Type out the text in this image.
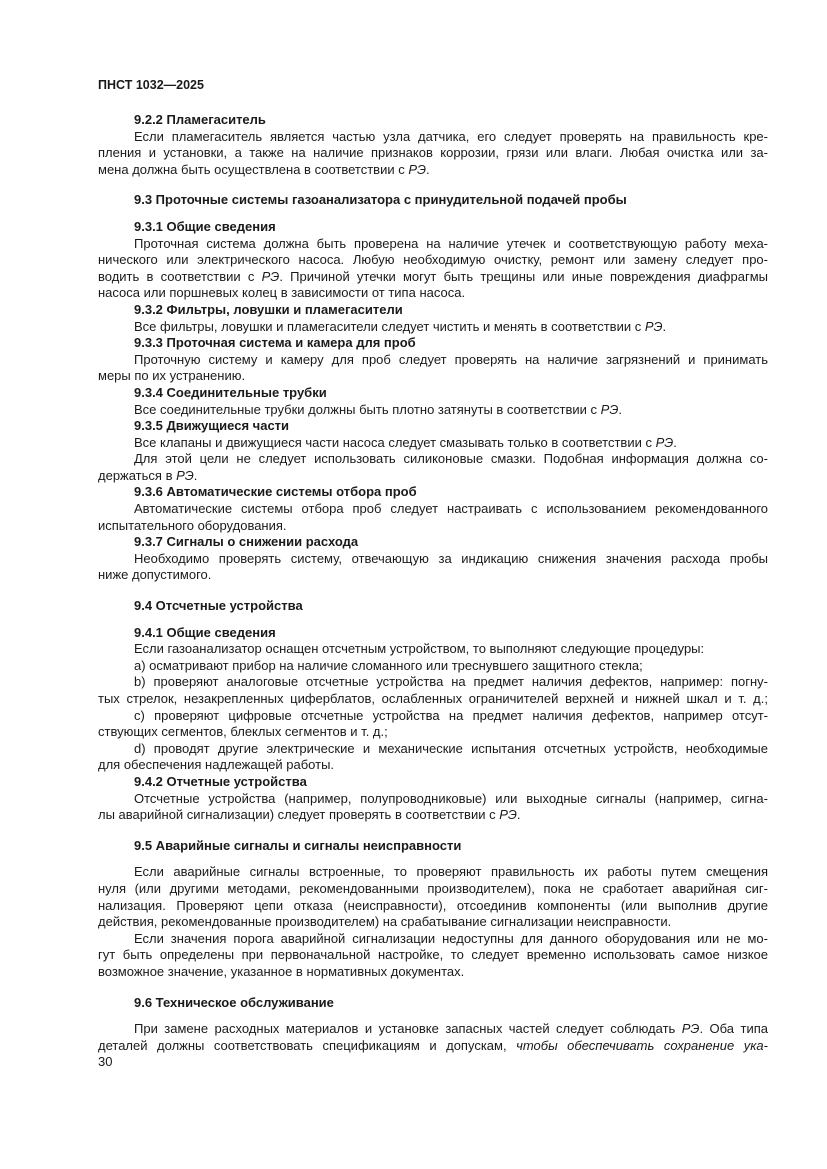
ПНСТ 1032—2025
9.2.2 Пламегаситель

Если пламегаситель является частью узла датчика, его следует проверять на правильность кре-

пления и установки, а также на наличие признаков коррозии, грязи или влаги. Любая очистка или за-

мена должна быть осуществлена в соответствии с РЭ.

9.3 Проточные системы газоанализатора с принудительной подачей пробы
9.3.1 Общие сведения

Проточная система должна быть проверена на наличие утечек и соответствующую работу меха-

нического или электрического насоса. Любую необходимую очистку, ремонт или замену следует про-

водить в соответствии с РЭ. Причиной утечки могут быть трещины или иные повреждения диафрагмы

насоса или поршневых колец в зависимости от типа насоса.

9.3.2 Фильтры, ловушки и пламегасители

Все фильтры, ловушки и пламегасители следует чистить и менять в соответствии с РЭ.

9.3.3 Проточная система и камера для проб

Проточную систему и камеру для проб следует проверять на наличие загрязнений и принимать

меры по их устранению.

9.3.4 Соединительные трубки

Все соединительные трубки должны быть плотно затянуты в соответствии с РЭ.

9.3.5 Движущиеся части

Все клапаны и движущиеся части насоса следует смазывать только в соответствии с РЭ.

Для этой цели не следует использовать силиконовые смазки. Подобная информация должна со-

держаться в РЭ.

9.3.6 Автоматические системы отбора проб

Автоматические системы отбора проб следует настраивать с использованием рекомендованного

испытательного оборудования.

9.3.7 Сигналы о снижении расхода

Необходимо проверять систему, отвечающую за индикацию снижения значения расхода пробы

ниже допустимого.

9.4 Отсчетные устройства
9.4.1 Общие сведения

Если газоанализатор оснащен отсчетным устройством, то выполняют следующие процедуры:

a) осматривают прибор на наличие сломанного или треснувшего защитного стекла;

b) проверяют аналоговые отсчетные устройства на предмет наличия дефектов, например: погну-

тых стрелок, незакрепленных циферблатов, ослабленных ограничителей верхней и нижней шкал и т. д.;

c) проверяют цифровые отсчетные устройства на предмет наличия дефектов, например отсут-

ствующих сегментов, блеклых сегментов и т. д.;

d) проводят другие электрические и механические испытания отсчетных устройств, необходимые

для обеспечения надлежащей работы.

9.4.2 Отчетные устройства

Отсчетные устройства (например, полупроводниковые) или выходные сигналы (например, сигна-

лы аварийной сигнализации) следует проверять в соответствии с РЭ.

9.5 Аварийные сигналы и сигналы неисправности

Если аварийные сигналы встроенные, то проверяют правильность их работы путем смещения

нуля (или другими методами, рекомендованными производителем), пока не сработает аварийная сиг-

нализация. Проверяют цепи отказа (неисправности), отсоединив компоненты (или выполнив другие

действия, рекомендованные производителем) на срабатывание сигнализации неисправности.

Если значения порога аварийной сигнализации недоступны для данного оборудования или не мо-

гут быть определены при первоначальной настройке, то следует временно использовать самое низкое

возможное значение, указанное в нормативных документах.

9.6 Техническое обслуживание

При замене расходных материалов и установке запасных частей следует соблюдать РЭ. Оба типа

деталей должны соответствовать спецификациям и допускам, чтобы обеспечивать сохранение ука-

30
